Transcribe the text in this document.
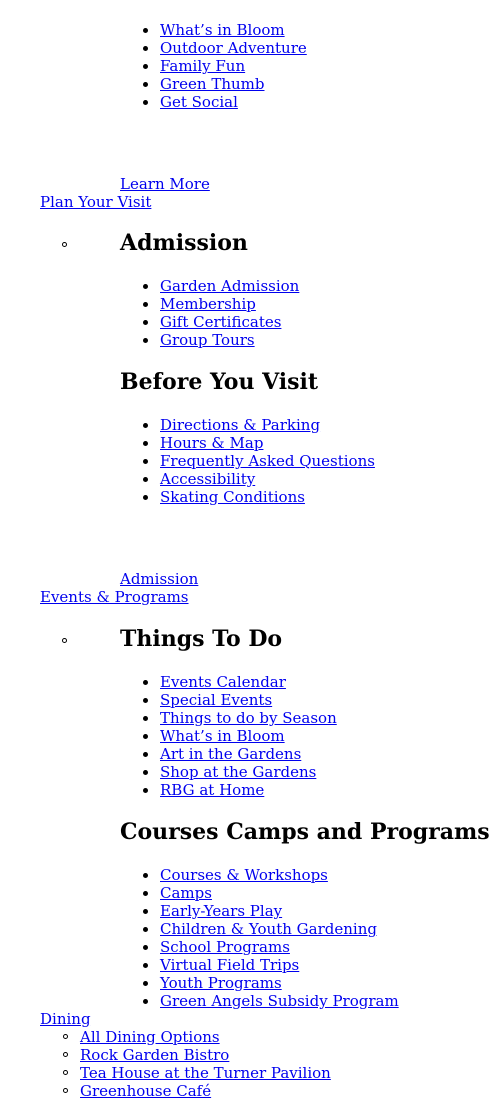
What’s in Bloom
Outdoor Adventure
Family Fun
Green Thumb
Get Social
Learn More
Plan Your Visit
Admission
Garden Admission
Membership
Gift Certificates
Group Tours
Before You Visit
Directions & Parking
Hours & Map
Frequently Asked Questions
Accessibility
Skating Conditions
Admission
Events & Programs
Things To Do
Events Calendar
Special Events
Things to do by Season
What’s in Bloom
Art in the Gardens
Shop at the Gardens
RBG at Home
Courses Camps and Programs
Courses & Workshops
Camps
Early-Years Play
Children & Youth Gardening
School Programs
Virtual Field Trips
Youth Programs
Green Angels Subsidy Program
Dining
All Dining Options
Rock Garden Bistro
Tea House at the Turner Pavilion
Greenhouse Café
